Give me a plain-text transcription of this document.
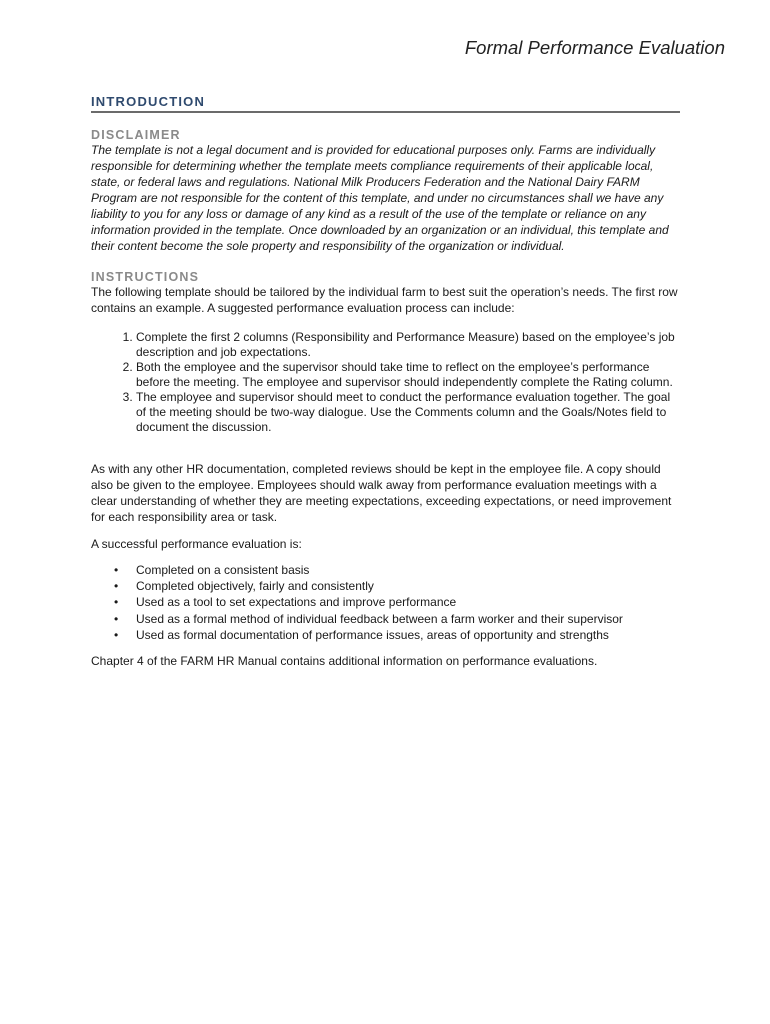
Formal Performance Evaluation
INTRODUCTION
DISCLAIMER
The template is not a legal document and is provided for educational purposes only. Farms are individually responsible for determining whether the template meets compliance requirements of their applicable local, state, or federal laws and regulations. National Milk Producers Federation and the National Dairy FARM Program are not responsible for the content of this template, and under no circumstances shall we have any liability to you for any loss or damage of any kind as a result of the use of the template or reliance on any information provided in the template. Once downloaded by an organization or an individual, this template and their content become the sole property and responsibility of the organization or individual.
INSTRUCTIONS

The following template should be tailored by the individual farm to best suit the operation’s needs. The first row contains an example. A suggested performance evaluation process can include:

1. Complete the first 2 columns (Responsibility and Performance Measure) based on the employee’s job description and job expectations.
2. Both the employee and the supervisor should take time to reflect on the employee’s performance before the meeting. The employee and supervisor should independently complete the Rating column.
3. The employee and supervisor should meet to conduct the performance evaluation together. The goal of the meeting should be two-way dialogue. Use the Comments column and the Goals/Notes field to document the discussion.

As with any other HR documentation, completed reviews should be kept in the employee file. A copy should also be given to the employee. Employees should walk away from performance evaluation meetings with a clear understanding of whether they are meeting expectations, exceeding expectations, or need improvement for each responsibility area or task.

A successful performance evaluation is:

• Completed on a consistent basis
• Completed objectively, fairly and consistently
• Used as a tool to set expectations and improve performance
• Used as a formal method of individual feedback between a farm worker and their supervisor
• Used as formal documentation of performance issues, areas of opportunity and strengths

Chapter 4 of the FARM HR Manual contains additional information on performance evaluations.
